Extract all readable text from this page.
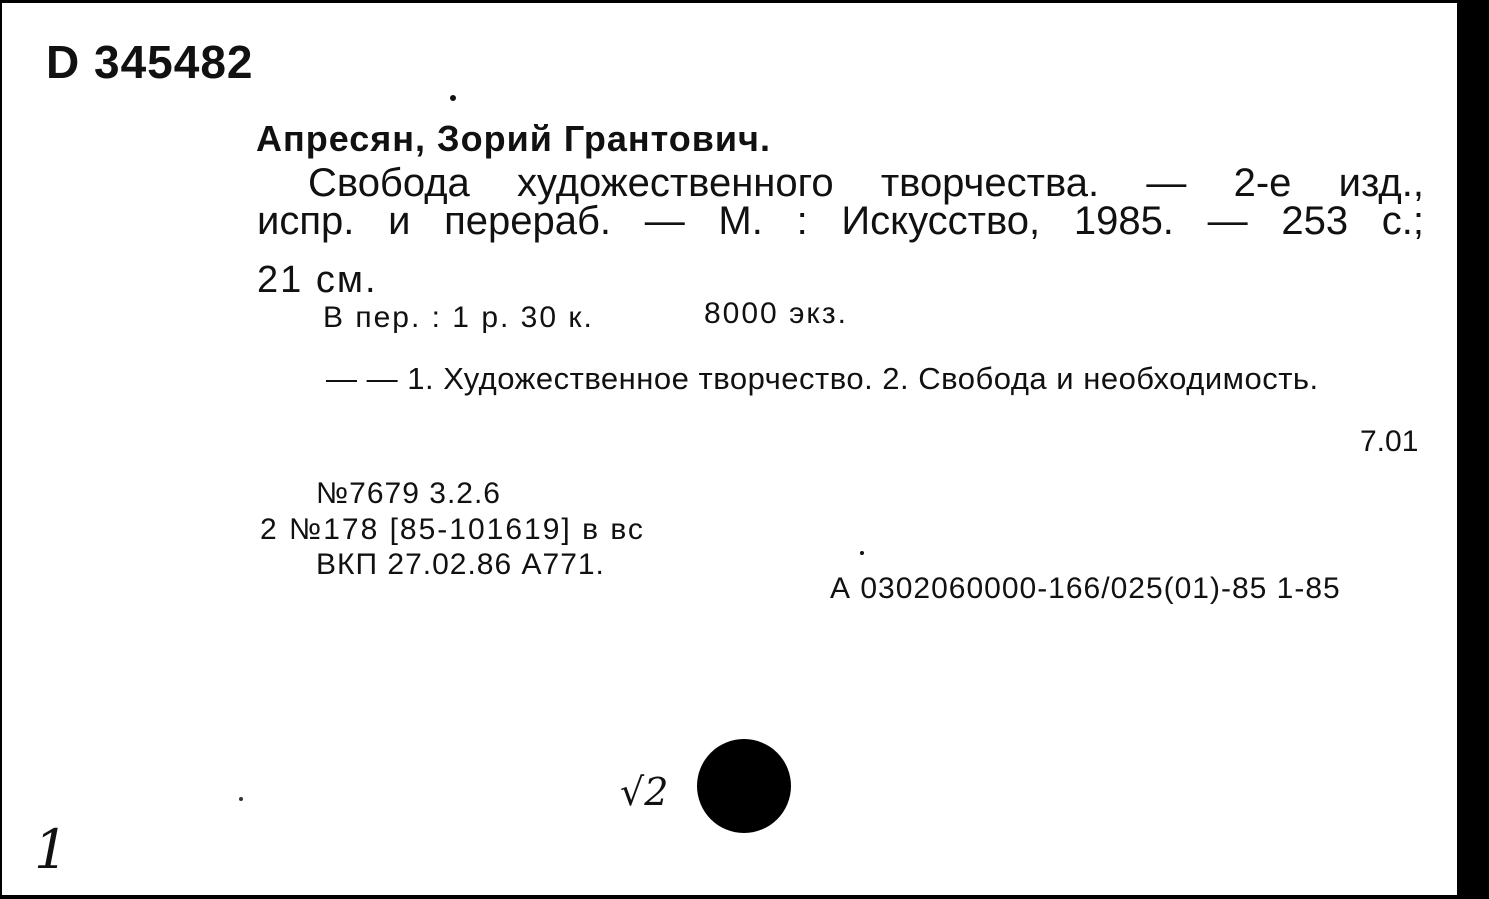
D 345482
Апресян, Зорий Грантович.
Свобода художественного творчества. — 2-е изд.,
испр. и перераб. — М. : Искусство, 1985. — 253 с.;
21 см.
В пер. : 1 р. 30 к.	8000 экз.
— — 1. Художественное творчество. 2. Свобода и необходимость.
7.01
№7679 3.2.6
2 №178 [85-101619] в вс
ВКП 27.02.86 А771.
А 0302060000-166/025(01)-85 1-85
√2
1
